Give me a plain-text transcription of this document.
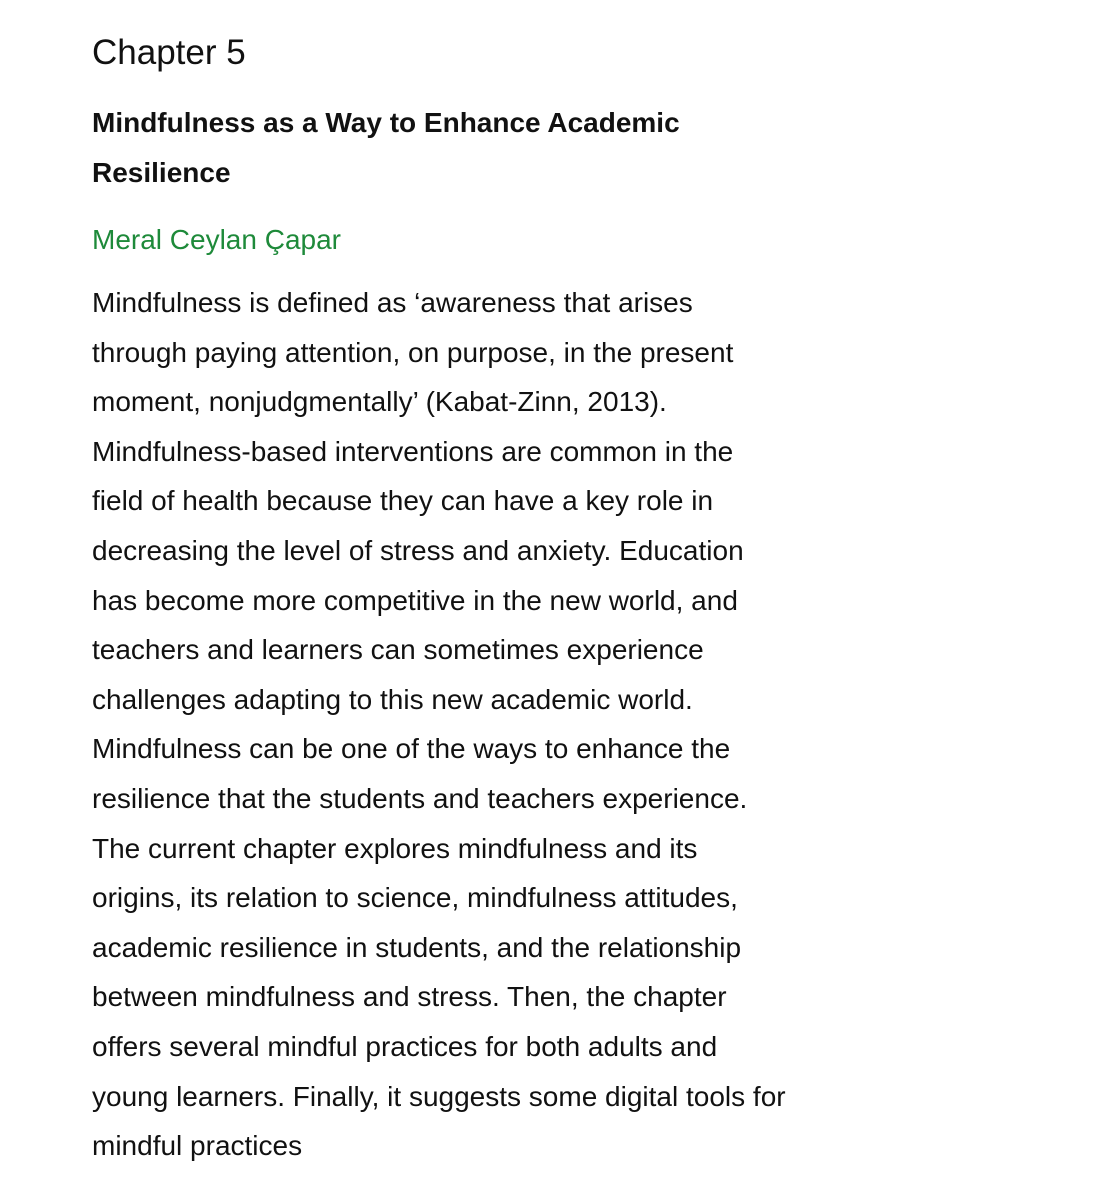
Chapter 5
Mindfulness as a Way to Enhance Academic
Resilience

Meral Ceylan Çapar

Mindfulness is defined as ‘awareness that arises
through paying attention, on purpose, in the present
moment, nonjudgmentally’ (Kabat-Zinn, 2013).
Mindfulness-based interventions are common in the
field of health because they can have a key role in
decreasing the level of stress and anxiety. Education
has become more competitive in the new world, and
teachers and learners can sometimes experience
challenges adapting to this new academic world.
Mindfulness can be one of the ways to enhance the
resilience that the students and teachers experience.
The current chapter explores mindfulness and its
origins, its relation to science, mindfulness attitudes,
academic resilience in students, and the relationship
between mindfulness and stress. Then, the chapter
offers several mindful practices for both adults and
young learners. Finally, it suggests some digital tools for
mindful practices
